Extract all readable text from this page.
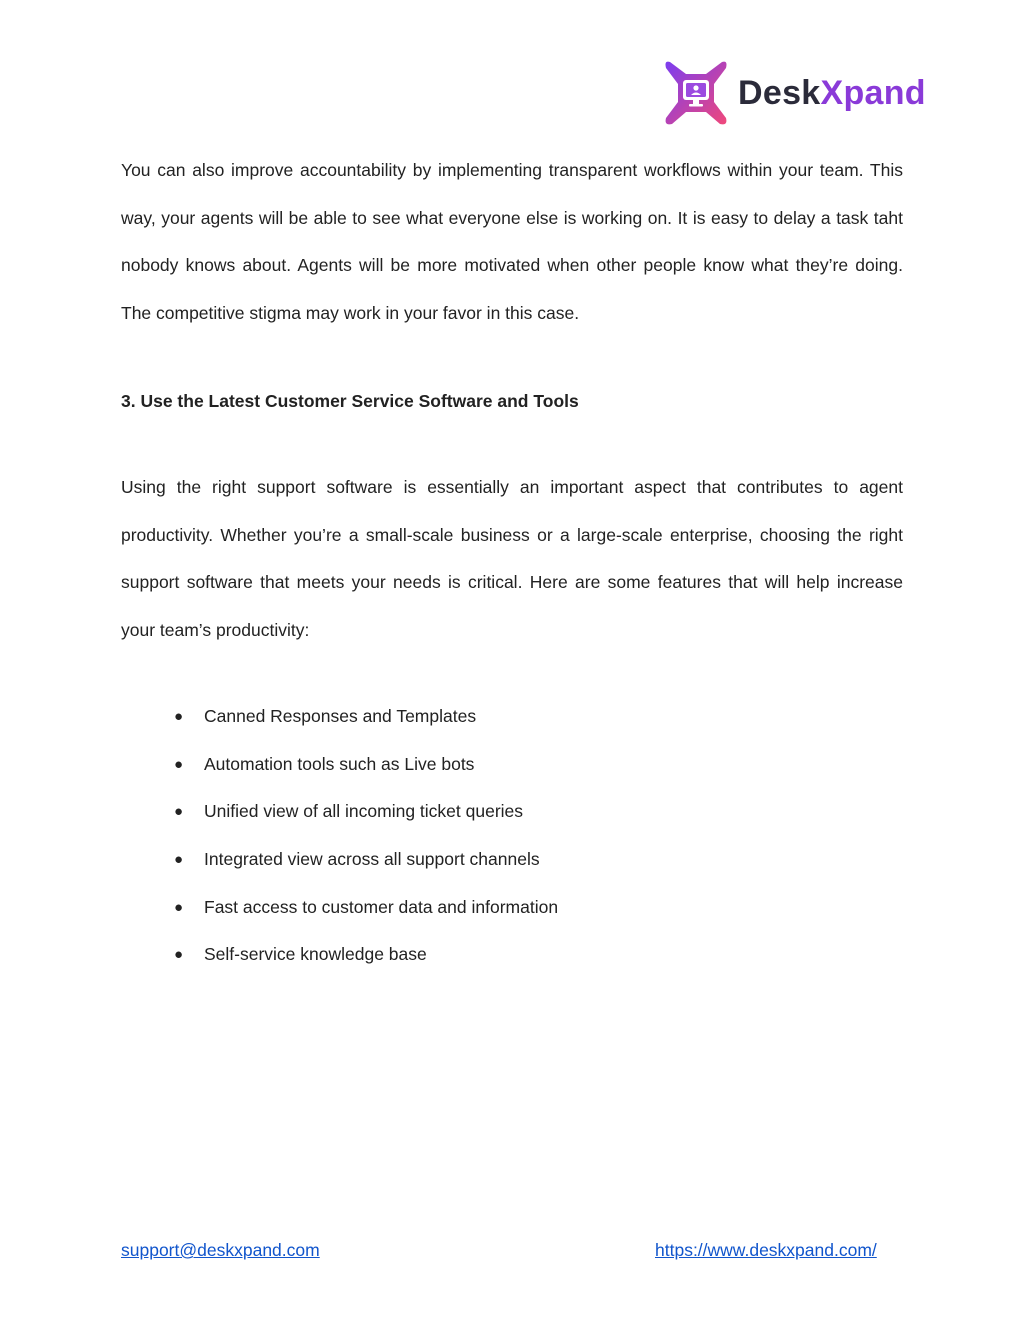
DeskXpand

You can also improve accountability by implementing transparent workflows within your team. This way, your agents will be able to see what everyone else is working on. It is easy to delay a task taht nobody knows about. Agents will be more motivated when other people know what they’re doing. The competitive stigma may work in your favor in this case.

3. Use the Latest Customer Service Software and Tools

Using the right support software is essentially an important aspect that contributes to agent productivity. Whether you’re a small-scale business or a large-scale enterprise, choosing the right support software that meets your needs is critical. Here are some features that will help increase your team’s productivity:

● Canned Responses and Templates
● Automation tools such as Live bots
● Unified view of all incoming ticket queries
● Integrated view across all support channels
● Fast access to customer data and information
● Self-service knowledge base
support@deskxpand.com	https://www.deskxpand.com/
